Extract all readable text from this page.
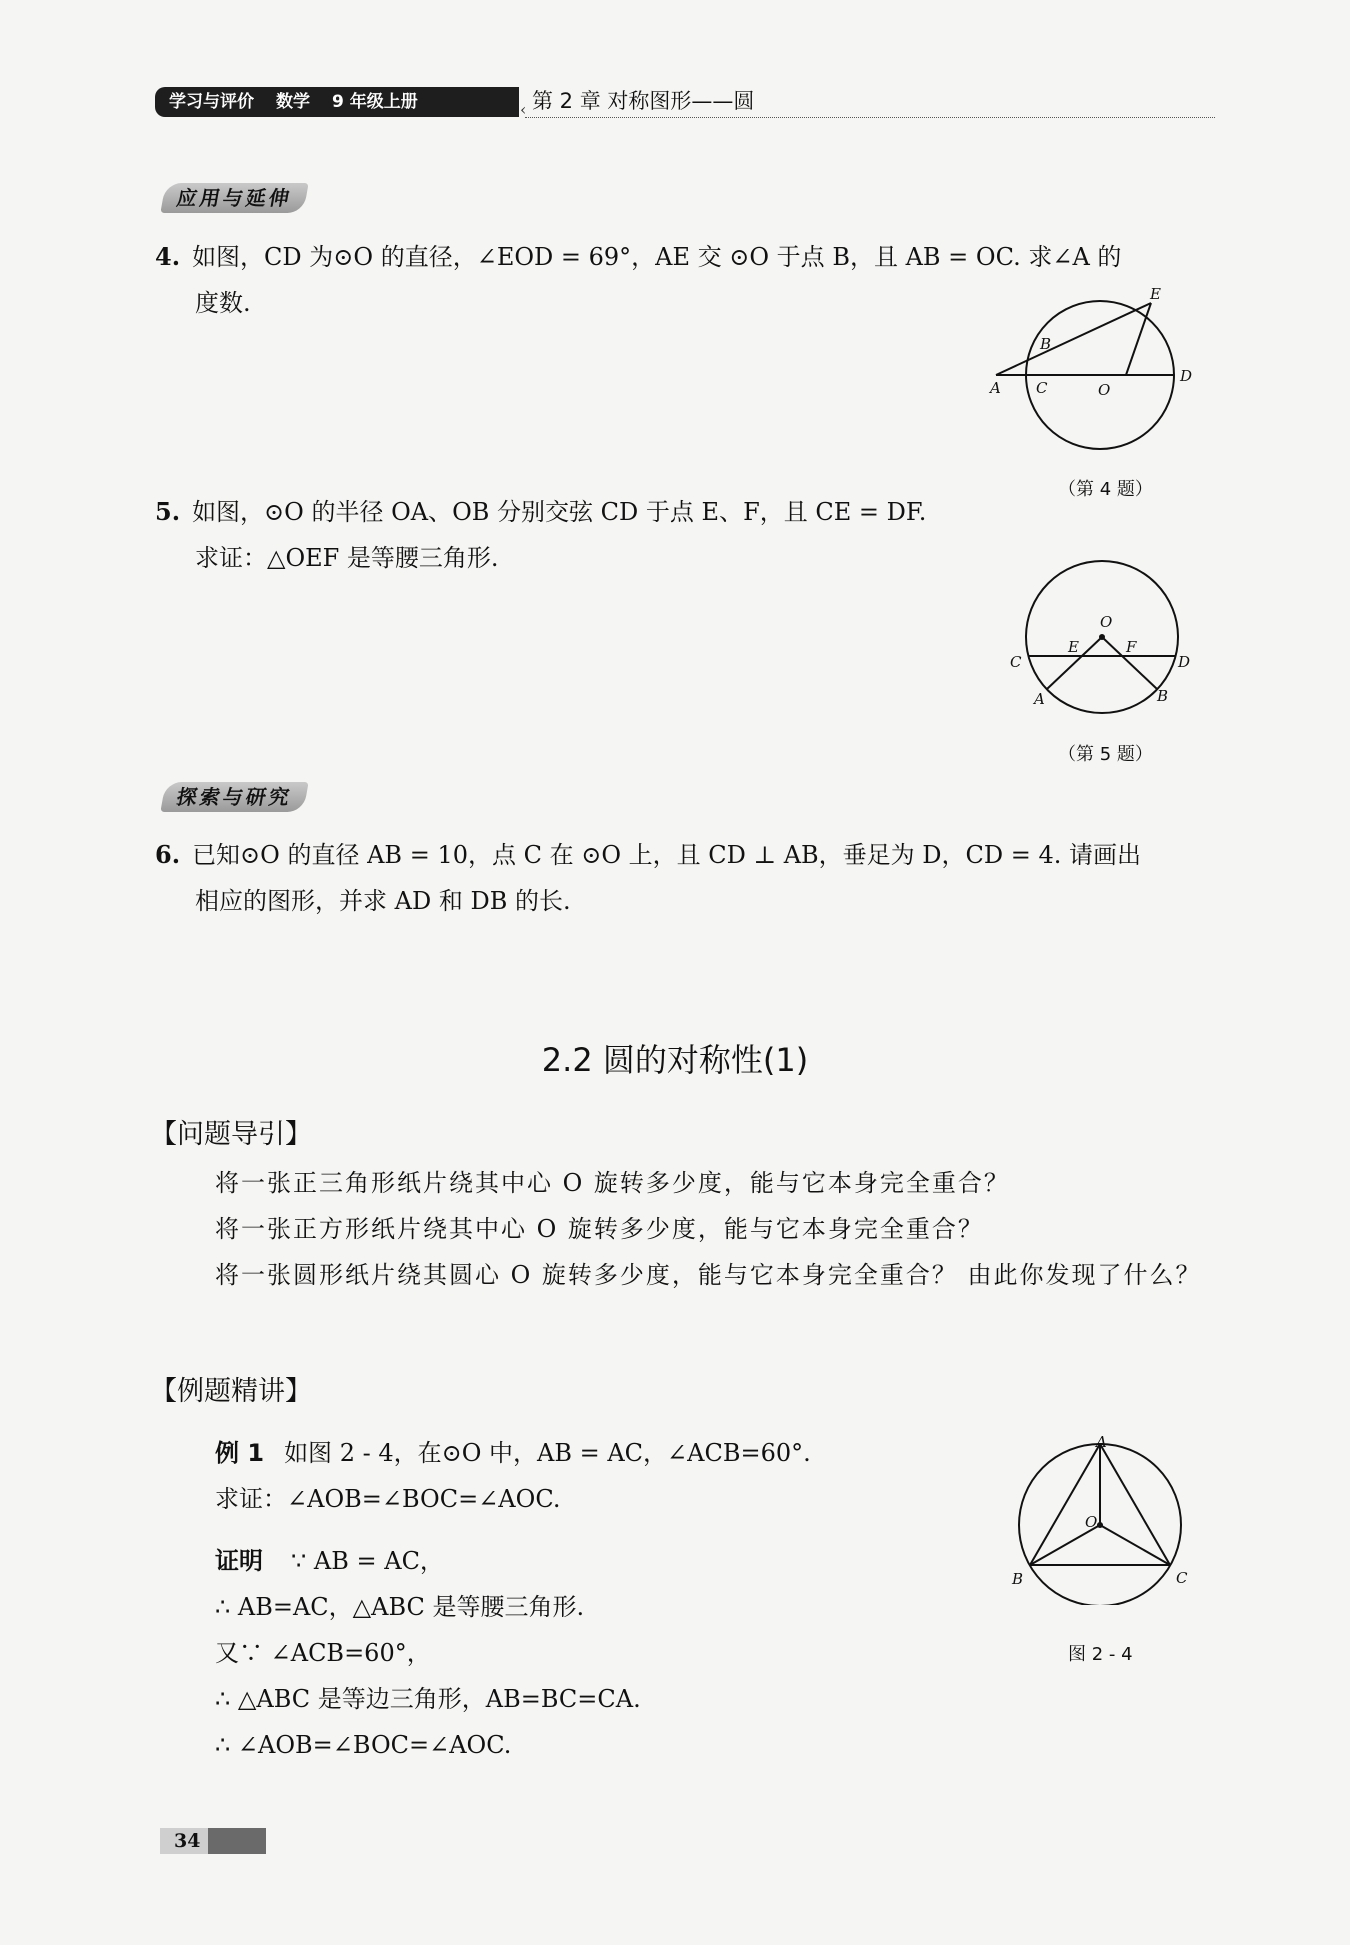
学习与评价 数学 9 年级上册	‹ 第 2 章 对称图形——圆
应用与延伸
4. 如图，CD 为⊙O 的直径，∠EOD = 69°，AE 交 ⊙O 于点 B，且 AB = OC. 求∠A 的
度数.
A
B
C	O
D
E
（第 4 题）
5. 如图，⊙O 的半径 OA、OB 分别交弦 CD 于点 E、F，且 CE = DF.
求证：△OEF 是等腰三角形.
O
C	D
E	F
A	B
（第 5 题）
探索与研究
6. 已知⊙O 的直径 AB = 10，点 C 在 ⊙O 上，且 CD ⊥ AB，垂足为 D，CD = 4. 请画出
相应的图形，并求 AD 和 DB 的长.
2.2 圆的对称性(1)
【问题导引】
将一张正三角形纸片绕其中心 O 旋转多少度，能与它本身完全重合？
将一张正方形纸片绕其中心 O 旋转多少度，能与它本身完全重合？
将一张圆形纸片绕其圆心 O 旋转多少度，能与它本身完全重合？ 由此你发现了什么？
【例题精讲】
例 1 如图 2 - 4，在⊙O 中，AB = AC，∠ACB=60°.
求证：∠AOB=∠BOC=∠AOC.
证明 ∵ AB = AC，
∴ AB=AC，△ABC 是等腰三角形.
又∵ ∠ACB=60°，
∴ △ABC 是等边三角形，AB=BC=CA.
∴ ∠AOB=∠BOC=∠AOC.
A
O
B	C
图 2 - 4
34
